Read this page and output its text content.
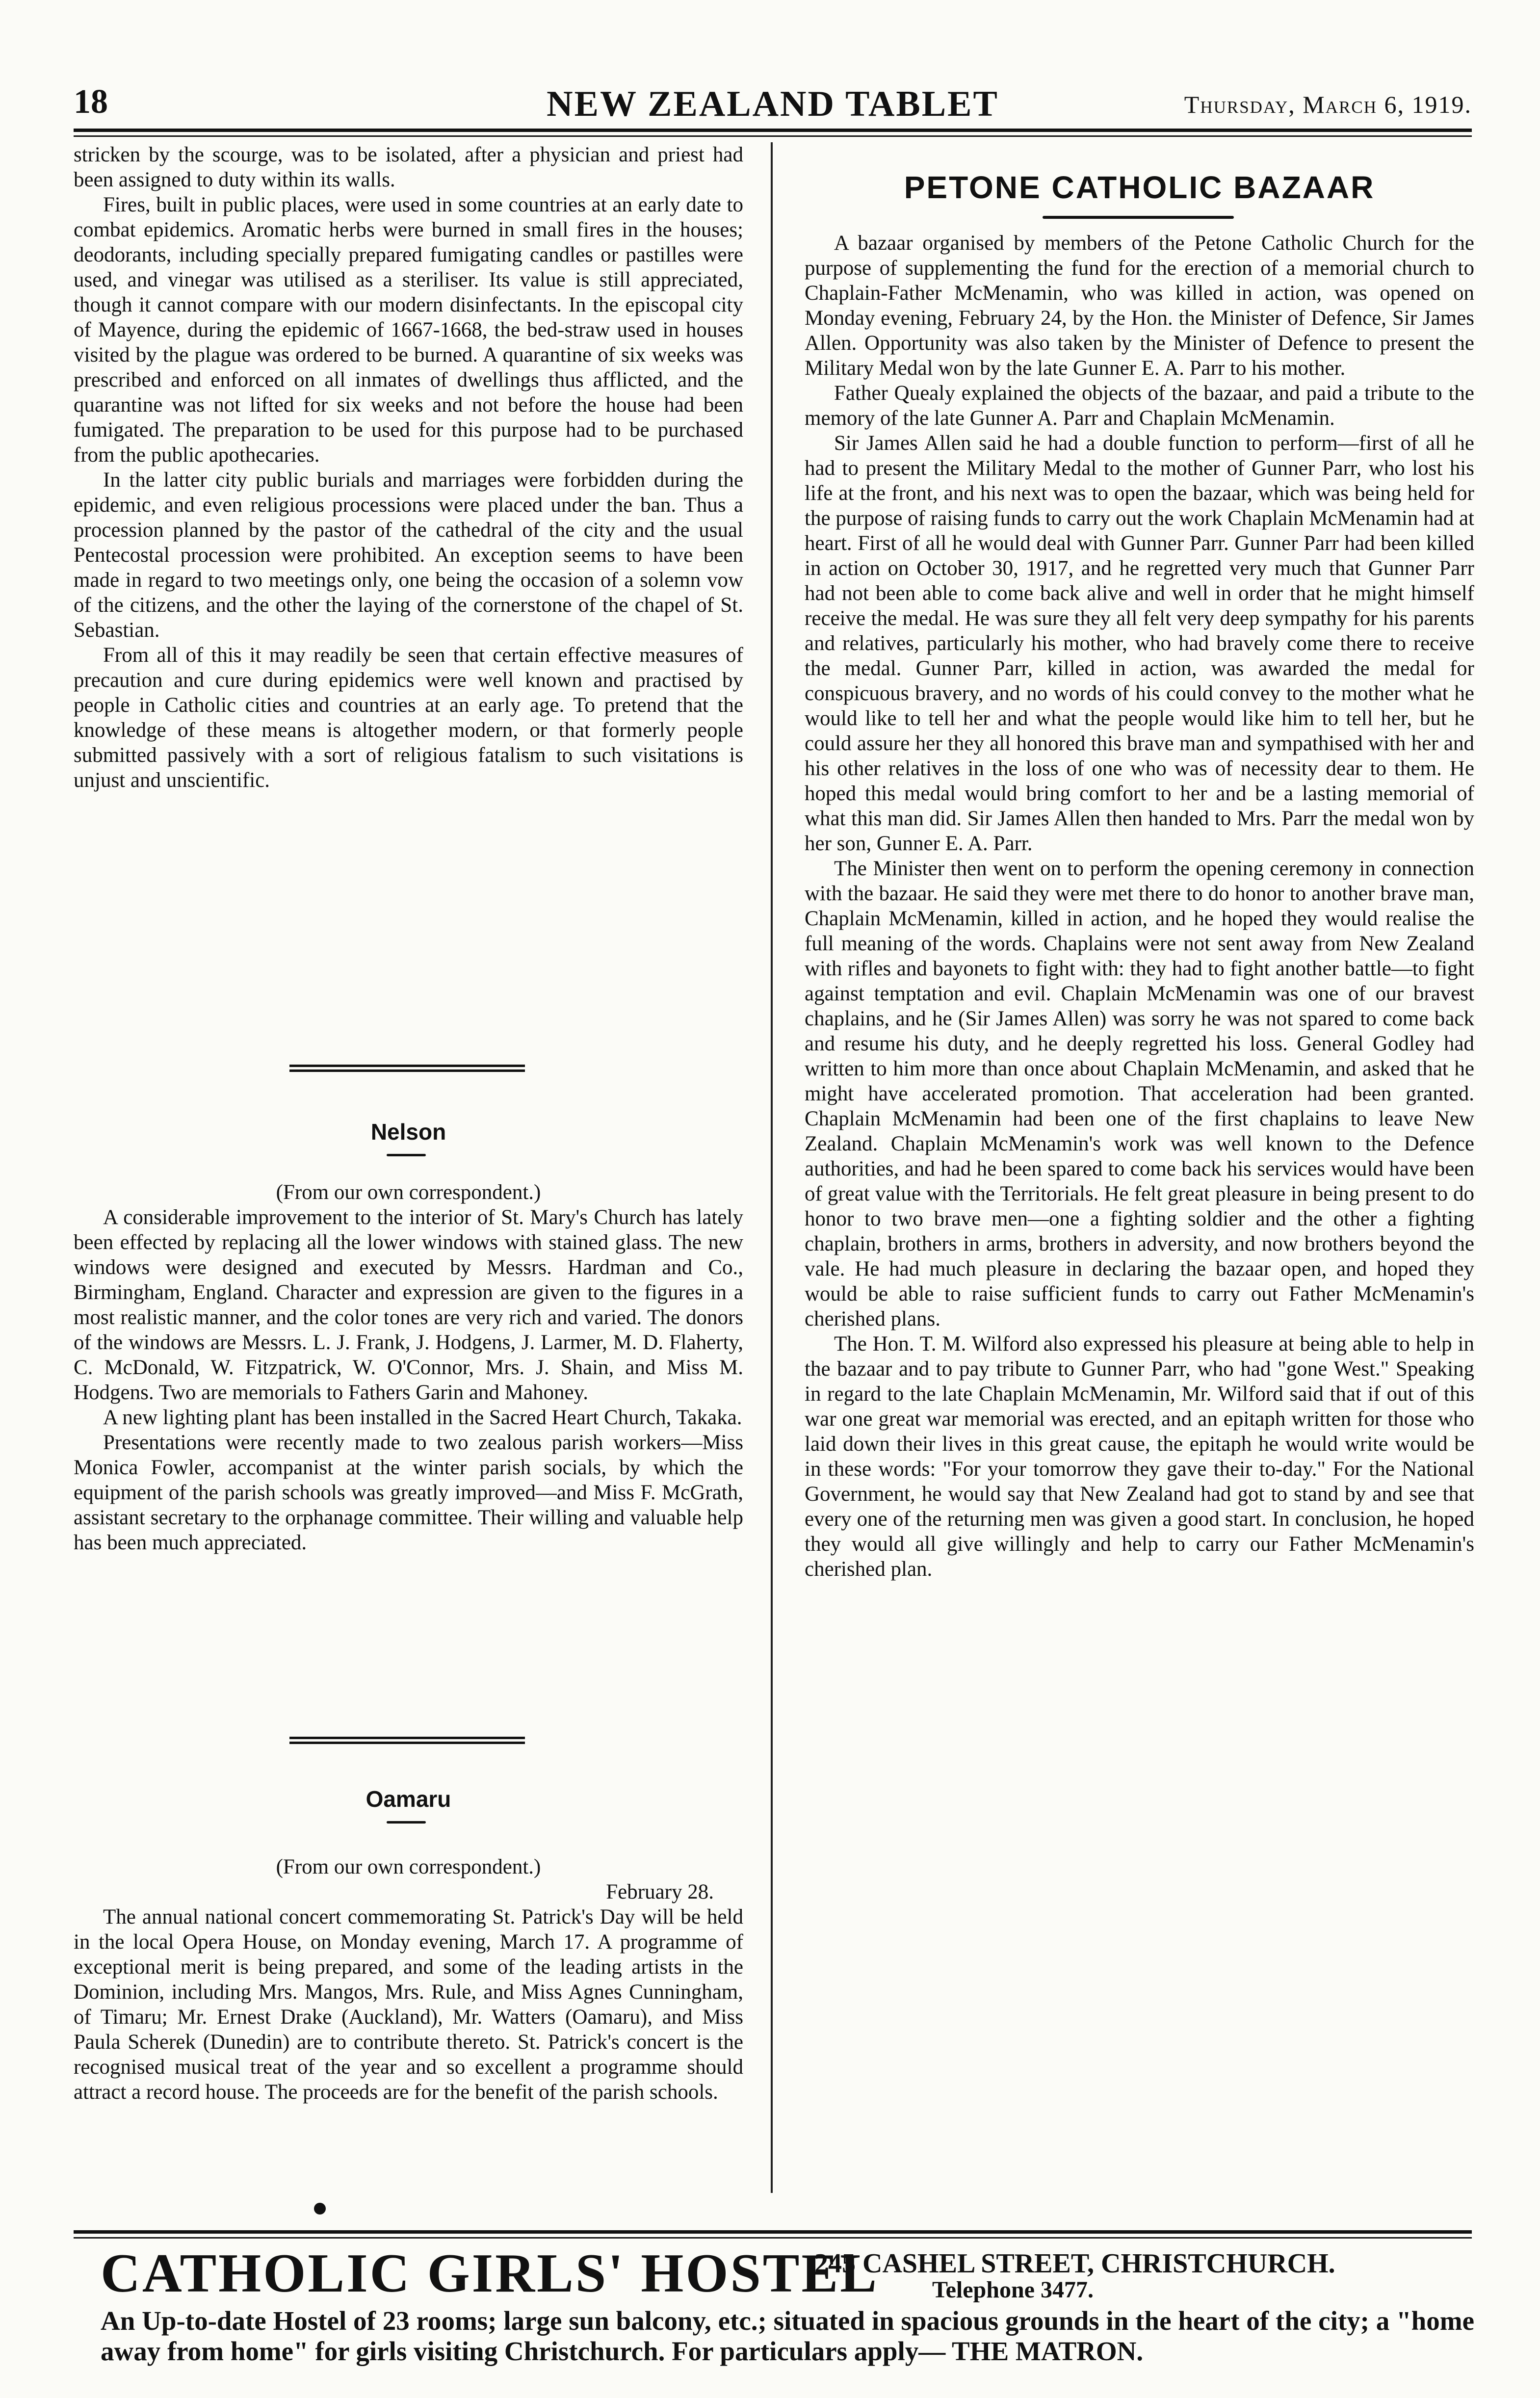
18	NEW ZEALAND TABLET	Thursday, March 6, 1919.

stricken by the scourge, was to be isolated, after a physician and priest had been assigned to duty within its walls.

Fires, built in public places, were used in some countries at an early date to combat epidemics. Aromatic herbs were burned in small fires in the houses; deodorants, including specially prepared fumigating candles or pastilles were used, and vinegar was utilised as a steriliser. Its value is still appreciated, though it cannot compare with our modern disinfectants. In the episcopal city of Mayence, during the epidemic of 1667-1668, the bed-straw used in houses visited by the plague was ordered to be burned. A quarantine of six weeks was prescribed and enforced on all inmates of dwellings thus afflicted, and the quarantine was not lifted for six weeks and not before the house had been fumigated. The preparation to be used for this purpose had to be purchased from the public apothecaries.

In the latter city public burials and marriages were forbidden during the epidemic, and even religious processions were placed under the ban. Thus a procession planned by the pastor of the cathedral of the city and the usual Pentecostal procession were prohibited. An exception seems to have been made in regard to two meetings only, one being the occasion of a solemn vow of the citizens, and the other the laying of the cornerstone of the chapel of St. Sebastian.

From all of this it may readily be seen that certain effective measures of precaution and cure during epidemics were well known and practised by people in Catholic cities and countries at an early age. To pretend that the knowledge of these means is altogether modern, or that formerly people submitted passively with a sort of religious fatalism to such visitations is unjust and unscientific.

Nelson

(From our own correspondent.)

A considerable improvement to the interior of St. Mary's Church has lately been effected by replacing all the lower windows with stained glass. The new windows were designed and executed by Messrs. Hardman and Co., Birmingham, England. Character and expression are given to the figures in a most realistic manner, and the color tones are very rich and varied. The donors of the windows are Messrs. L. J. Frank, J. Hodgens, J. Larmer, M. D. Flaherty, C. McDonald, W. Fitzpatrick, W. O'Connor, Mrs. J. Shain, and Miss M. Hodgens. Two are memorials to Fathers Garin and Mahoney.

A new lighting plant has been installed in the Sacred Heart Church, Takaka.

Presentations were recently made to two zealous parish workers—Miss Monica Fowler, accompanist at the winter parish socials, by which the equipment of the parish schools was greatly improved—and Miss F. McGrath, assistant secretary to the orphanage committee. Their willing and valuable help has been much appreciated.

Oamaru

(From our own correspondent.)

February 28.

The annual national concert commemorating St. Patrick's Day will be held in the local Opera House, on Monday evening, March 17. A programme of exceptional merit is being prepared, and some of the leading artists in the Dominion, including Mrs. Mangos, Mrs. Rule, and Miss Agnes Cunningham, of Timaru; Mr. Ernest Drake (Auckland), Mr. Watters (Oamaru), and Miss Paula Scherek (Dunedin) are to contribute thereto. St. Patrick's concert is the recognised musical treat of the year and so excellent a programme should attract a record house. The proceeds are for the benefit of the parish schools.

PETONE CATHOLIC BAZAAR

A bazaar organised by members of the Petone Catholic Church for the purpose of supplementing the fund for the erection of a memorial church to Chaplain-Father McMenamin, who was killed in action, was opened on Monday evening, February 24, by the Hon. the Minister of Defence, Sir James Allen. Opportunity was also taken by the Minister of Defence to present the Military Medal won by the late Gunner E. A. Parr to his mother.

Father Quealy explained the objects of the bazaar, and paid a tribute to the memory of the late Gunner A. Parr and Chaplain McMenamin.

Sir James Allen said he had a double function to perform—first of all he had to present the Military Medal to the mother of Gunner Parr, who lost his life at the front, and his next was to open the bazaar, which was being held for the purpose of raising funds to carry out the work Chaplain McMenamin had at heart. First of all he would deal with Gunner Parr. Gunner Parr had been killed in action on October 30, 1917, and he regretted very much that Gunner Parr had not been able to come back alive and well in order that he might himself receive the medal. He was sure they all felt very deep sympathy for his parents and relatives, particularly his mother, who had bravely come there to receive the medal. Gunner Parr, killed in action, was awarded the medal for conspicuous bravery, and no words of his could convey to the mother what he would like to tell her and what the people would like him to tell her, but he could assure her they all honored this brave man and sympathised with her and his other relatives in the loss of one who was of necessity dear to them. He hoped this medal would bring comfort to her and be a lasting memorial of what this man did. Sir James Allen then handed to Mrs. Parr the medal won by her son, Gunner E. A. Parr.

The Minister then went on to perform the opening ceremony in connection with the bazaar. He said they were met there to do honor to another brave man, Chaplain McMenamin, killed in action, and he hoped they would realise the full meaning of the words. Chaplains were not sent away from New Zealand with rifles and bayonets to fight with: they had to fight another battle—to fight against temptation and evil. Chaplain McMenamin was one of our bravest chaplains, and he (Sir James Allen) was sorry he was not spared to come back and resume his duty, and he deeply regretted his loss. General Godley had written to him more than once about Chaplain McMenamin, and asked that he might have accelerated promotion. That acceleration had been granted. Chaplain McMenamin had been one of the first chaplains to leave New Zealand. Chaplain McMenamin's work was well known to the Defence authorities, and had he been spared to come back his services would have been of great value with the Territorials. He felt great pleasure in being present to do honor to two brave men—one a fighting soldier and the other a fighting chaplain, brothers in arms, brothers in adversity, and now brothers beyond the vale. He had much pleasure in declaring the bazaar open, and hoped they would be able to raise sufficient funds to carry out Father McMenamin's cherished plans.

The Hon. T. M. Wilford also expressed his pleasure at being able to help in the bazaar and to pay tribute to Gunner Parr, who had "gone West." Speaking in regard to the late Chaplain McMenamin, Mr. Wilford said that if out of this war one great war memorial was erected, and an epitaph written for those who laid down their lives in this great cause, the epitaph he would write would be in these words: "For your tomorrow they gave their to-day." For the National Government, he would say that New Zealand had got to stand by and see that every one of the returning men was given a good start. In conclusion, he hoped they would all give willingly and help to carry our Father McMenamin's cherished plan.

CATHOLIC GIRLS' HOSTEL
245 CASHEL STREET, CHRISTCHURCH.
Telephone 3477.
An Up-to-date Hostel of 23 rooms; large sun balcony, etc.; situated in spacious grounds in the heart of the city; a "home away from home" for girls visiting Christchurch. For particulars apply— THE MATRON.
